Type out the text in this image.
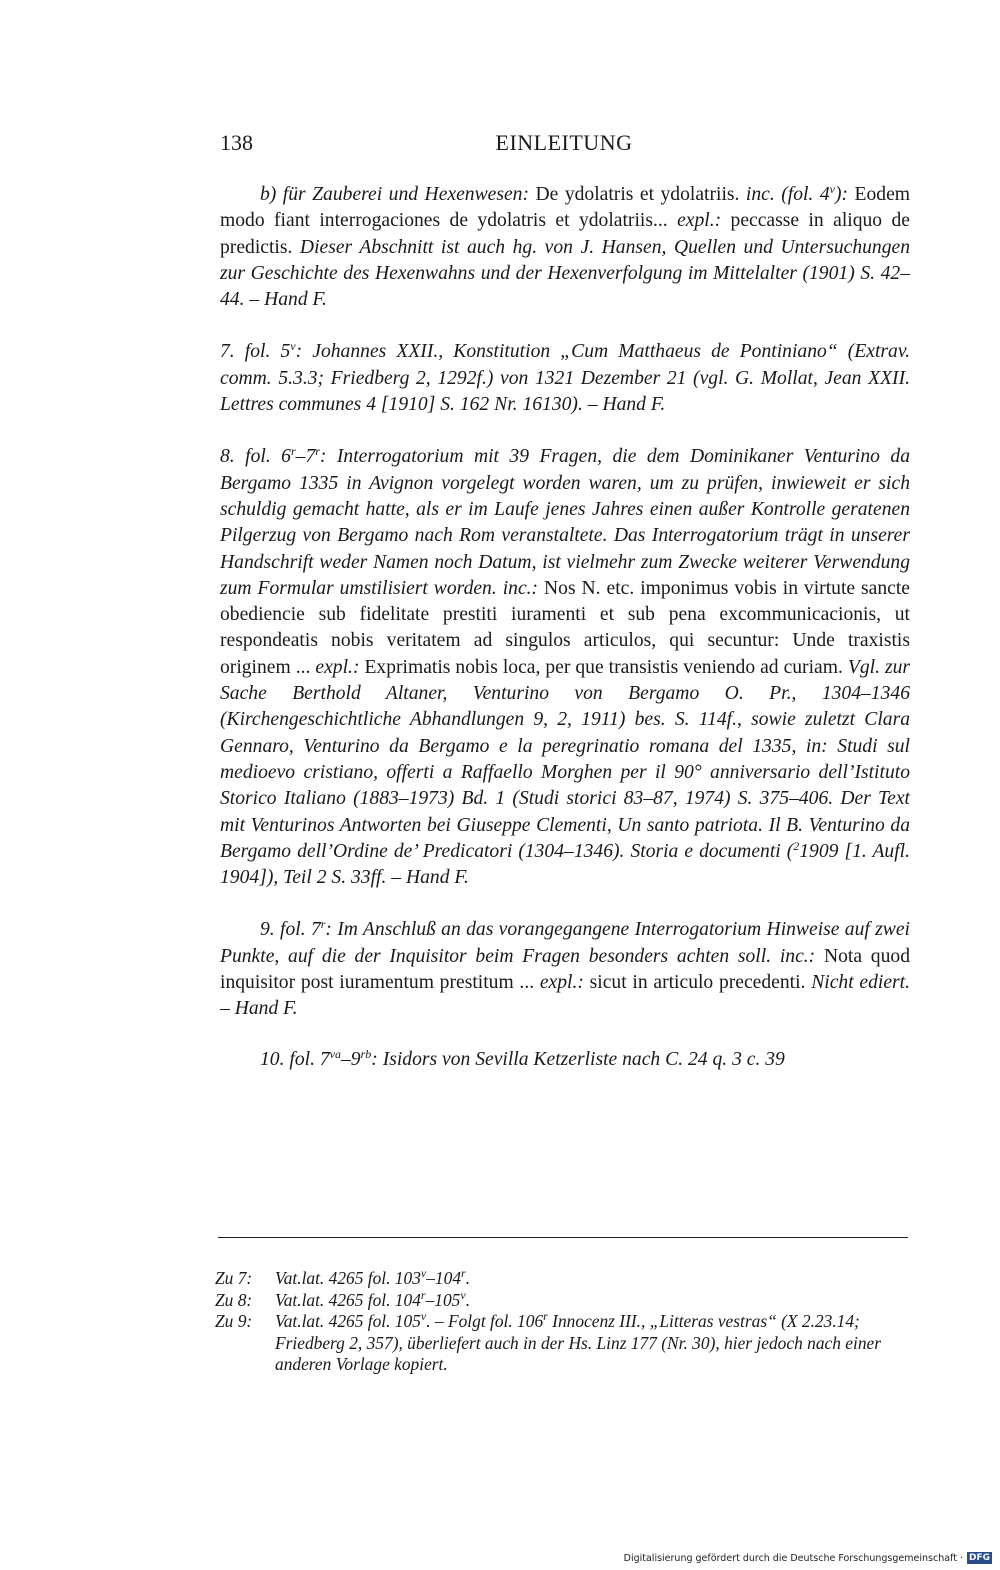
138	EINLEITUNG

b) für Zauberei und Hexenwesen: De ydolatris et ydolatriis. inc. (fol. 4$^v$): Eodem modo fiant interrogaciones de ydolatris et ydolatriis... expl.: peccasse in aliquo de predictis. Dieser Abschnitt ist auch hg. von J. Hansen, Quellen und Untersuchungen zur Geschichte des Hexenwahns und der Hexenverfolgung im Mittelalter (1901) S. 42–44. – Hand F.

7. fol. 5$^v$: Johannes XXII., Konstitution „Cum Matthaeus de Pontiniano“ (Extrav. comm. 5.3.3; Friedberg 2, 1292f.) von 1321 Dezember 21 (vgl. G. Mollat, Jean XXII. Lettres communes 4 [1910] S. 162 Nr. 16130). – Hand F.

8. fol. 6$^r$–7$^r$: Interrogatorium mit 39 Fragen, die dem Dominikaner Venturino da Bergamo 1335 in Avignon vorgelegt worden waren, um zu prüfen, inwieweit er sich schuldig gemacht hatte, als er im Laufe jenes Jahres einen außer Kontrolle geratenen Pilgerzug von Bergamo nach Rom veranstaltete. Das Interrogatorium trägt in unserer Handschrift weder Namen noch Datum, ist vielmehr zum Zwecke weiterer Verwendung zum Formular umstilisiert worden. inc.: Nos N. etc. imponimus vobis in virtute sancte obediencie sub fidelitate prestiti iuramenti et sub pena excommunicacionis, ut respondeatis nobis veritatem ad singulos articulos, qui secuntur: Unde traxistis originem ... expl.: Exprimatis nobis loca, per que transistis veniendo ad curiam. Vgl. zur Sache Berthold Altaner, Venturino von Bergamo O. Pr., 1304–1346 (Kirchengeschichtliche Abhandlungen 9, 2, 1911) bes. S. 114f., sowie zuletzt Clara Gennaro, Venturino da Bergamo e la peregrinatio romana del 1335, in: Studi sul medioevo cristiano, offerti a Raffaello Morghen per il 90° anniversario dell’Istituto Storico Italiano (1883–1973) Bd. 1 (Studi storici 83–87, 1974) S. 375–406. Der Text mit Venturinos Antworten bei Giuseppe Clementi, Un santo patriota. Il B. Venturino da Bergamo dell’Ordine de’ Predicatori (1304–1346). Storia e documenti ($^2$1909 [1. Aufl. 1904]), Teil 2 S. 33ff. – Hand F.

9. fol. 7$^r$: Im Anschluß an das vorangegangene Interrogatorium Hinweise auf zwei Punkte, auf die der Inquisitor beim Fragen besonders achten soll. inc.: Nota quod inquisitor post iuramentum prestitum ... expl.: sicut in articulo precedenti. Nicht ediert. – Hand F.

10. fol. $7^{va}-9^{rb}$: Isidors von Sevilla Ketzerliste nach C. 24 q. 3 c. 39

Zu 7:	Vat.lat. 4265 fol. 103$^v$–104$^r$.
Zu 8:	Vat.lat. 4265 fol. 104$^r$–105$^v$.
Zu 9:	Vat.lat. 4265 fol. 105$^v$. – Folgt fol. 106$^r$ Innocenz III., „Litteras vestras“ (X 2.23.14; Friedberg 2, 357), überliefert auch in der Hs. Linz 177 (Nr. 30), hier jedoch nach einer anderen Vorlage kopiert.
Digitalisierung gefördert durch die Deutsche Forschungsgemeinschaft · DFG
